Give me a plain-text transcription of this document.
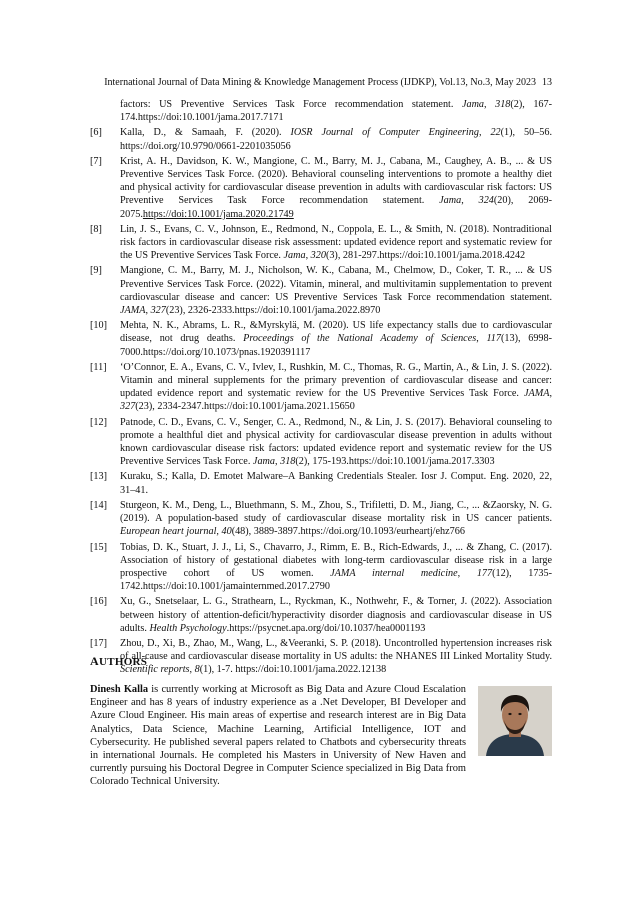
International Journal of Data Mining & Knowledge Management Process (IJDKP), Vol.13, No.3, May 2023 13
factors: US Preventive Services Task Force recommendation statement. Jama, 318(2), 167-174.https://doi:10.1001/jama.2017.7171
[6] Kalla, D., & Samaah, F. (2020). IOSR Journal of Computer Engineering, 22(1), 50–56. https://doi.org/10.9790/0661-2201035056
[7] Krist, A. H., Davidson, K. W., Mangione, C. M., Barry, M. J., Cabana, M., Caughey, A. B., ... & US Preventive Services Task Force. (2020). Behavioral counseling interventions to promote a healthy diet and physical activity for cardiovascular disease prevention in adults with cardiovascular risk factors: US Preventive Services Task Force recommendation statement. Jama, 324(20), 2069-2075.https://doi:10.1001/jama.2020.21749
[8] Lin, J. S., Evans, C. V., Johnson, E., Redmond, N., Coppola, E. L., & Smith, N. (2018). Nontraditional risk factors in cardiovascular disease risk assessment: updated evidence report and systematic review for the US Preventive Services Task Force. Jama, 320(3), 281-297.https://doi:10.1001/jama.2018.4242
[9] Mangione, C. M., Barry, M. J., Nicholson, W. K., Cabana, M., Chelmow, D., Coker, T. R., ... & US Preventive Services Task Force. (2022). Vitamin, mineral, and multivitamin supplementation to prevent cardiovascular disease and cancer: US Preventive Services Task Force recommendation statement. JAMA, 327(23), 2326-2333.https://doi:10.1001/jama.2022.8970
[10] Mehta, N. K., Abrams, L. R., &Myrskylä, M. (2020). US life expectancy stalls due to cardiovascular disease, not drug deaths. Proceedings of the National Academy of Sciences, 117(13), 6998-7000.https://doi.org/10.1073/pnas.1920391117
[11] ‘O’Connor, E. A., Evans, C. V., Ivlev, I., Rushkin, M. C., Thomas, R. G., Martin, A., & Lin, J. S. (2022). Vitamin and mineral supplements for the primary prevention of cardiovascular disease and cancer: updated evidence report and systematic review for the US Preventive Services Task Force. JAMA, 327(23), 2334-2347.https://doi:10.1001/jama.2021.15650
[12] Patnode, C. D., Evans, C. V., Senger, C. A., Redmond, N., & Lin, J. S. (2017). Behavioral counseling to promote a healthful diet and physical activity for cardiovascular disease prevention in adults without known cardiovascular disease risk factors: updated evidence report and systematic review for the US Preventive Services Task Force. Jama, 318(2), 175-193.https://doi:10.1001/jama.2017.3303
[13] Kuraku, S.; Kalla, D. Emotet Malware–A Banking Credentials Stealer. Iosr J. Comput. Eng. 2020, 22, 31–41.
[14] Sturgeon, K. M., Deng, L., Bluethmann, S. M., Zhou, S., Trifiletti, D. M., Jiang, C., ... &Zaorsky, N. G. (2019). A population-based study of cardiovascular disease mortality risk in US cancer patients. European heart journal, 40(48), 3889-3897.https://doi.org/10.1093/eurheartj/ehz766
[15] Tobias, D. K., Stuart, J. J., Li, S., Chavarro, J., Rimm, E. B., Rich-Edwards, J., ... & Zhang, C. (2017). Association of history of gestational diabetes with long-term cardiovascular disease risk in a large prospective cohort of US women. JAMA internal medicine, 177(12), 1735-1742.https://doi:10.1001/jamainternmed.2017.2790
[16] Xu, G., Snetselaar, L. G., Strathearn, L., Ryckman, K., Nothwehr, F., & Torner, J. (2022). Association between history of attention-deficit/hyperactivity disorder diagnosis and cardiovascular disease in US adults. Health Psychology.https://psycnet.apa.org/doi/10.1037/hea0001193
[17] Zhou, D., Xi, B., Zhao, M., Wang, L., &Veeranki, S. P. (2018). Uncontrolled hypertension increases risk of all-cause and cardiovascular disease mortality in US adults: the NHANES III Linked Mortality Study. Scientific reports, 8(1), 1-7. https://doi:10.1001/jama.2022.12138
AUTHORS
Dinesh Kalla is currently working at Microsoft as Big Data and Azure Cloud Escalation Engineer and has 8 years of industry experience as a .Net Developer, BI Developer and Azure Cloud Engineer. His main areas of expertise and research interest are in Big Data Analytics, Data Science, Machine Learning, Artificial Intelligence, IOT and Cybersecurity. He published several papers related to Chatbots and cybersecurity threats in international Journals. He completed his Masters in University of New Haven and currently pursuing his Doctoral Degree in Computer Science specialized in Big Data from Colorado Technical University.
